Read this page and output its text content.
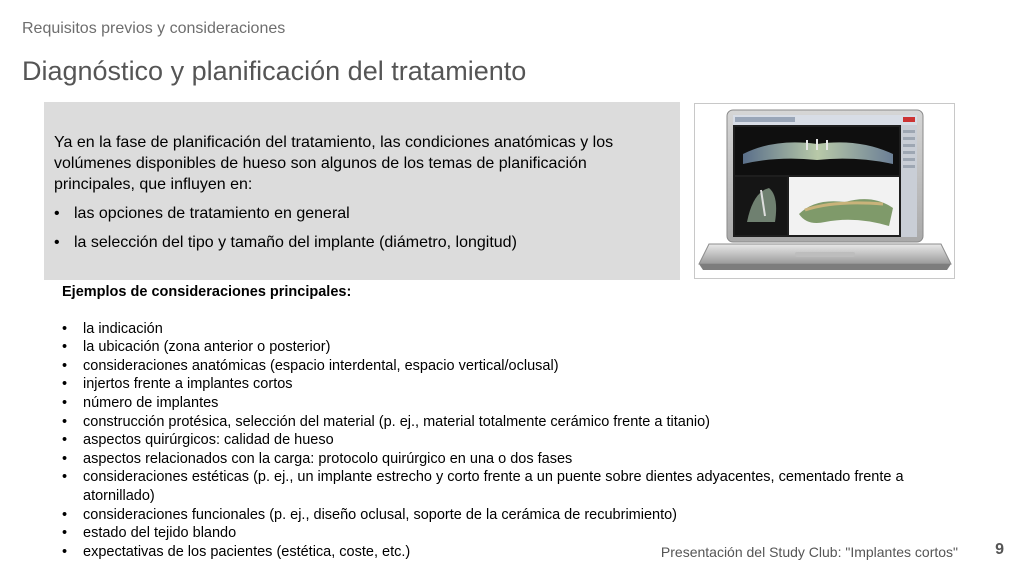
Requisitos previos y consideraciones
Diagnóstico y planificación del tratamiento

Ya en la fase de planificación del tratamiento, las condiciones anatómicas y los volúmenes disponibles de hueso son algunos de los temas de planificación principales, que influyen en:

• las opciones de tratamiento en general
• la selección del tipo y tamaño del implante (diámetro, longitud)
Ejemplos de consideraciones principales:
• la indicación
• la ubicación (zona anterior o posterior)
• consideraciones anatómicas (espacio interdental, espacio vertical/oclusal)
• injertos frente a implantes cortos
• número de implantes
• construcción protésica, selección del material (p. ej., material totalmente cerámico frente a titanio)
• aspectos quirúrgicos: calidad de hueso
• aspectos relacionados con la carga: protocolo quirúrgico en una o dos fases
• consideraciones estéticas (p. ej., un implante estrecho y corto frente a un puente sobre dientes adyacentes, cementado frente a atornillado)
• consideraciones funcionales (p. ej., diseño oclusal, soporte de la cerámica de recubrimiento)
• estado del tejido blando
• expectativas de los pacientes (estética, coste, etc.)	Presentación del Study Club: "Implantes cortos" 9
